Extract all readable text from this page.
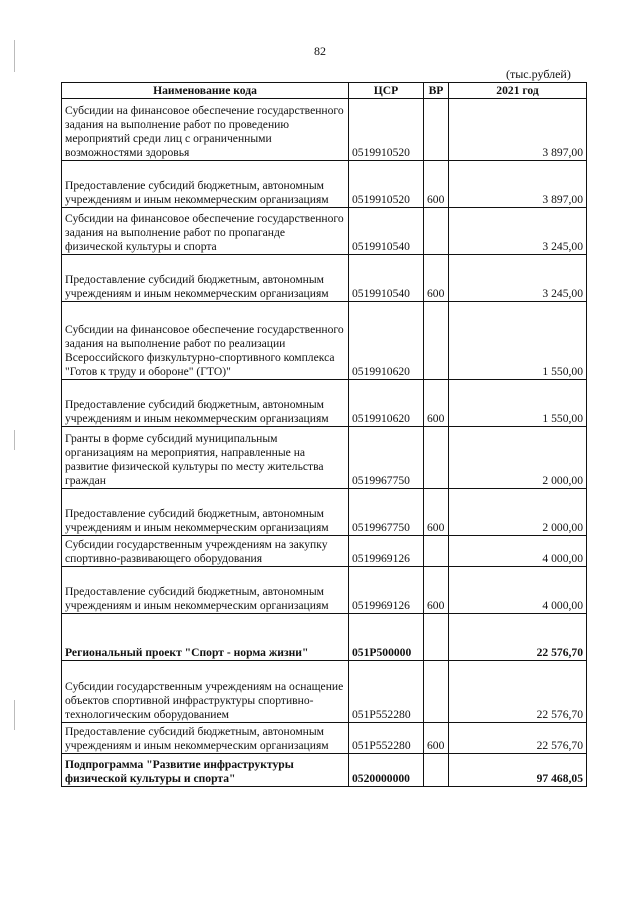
82
(тыс.рублей)
Наименование кода	ЦСР	ВР	2021 год
Субсидии на финансовое обеспечение государственного задания на выполнение работ по проведению мероприятий среди лиц с ограниченными возможностями здоровья	0519910520		3 897,00
Предоставление субсидий бюджетным, автономным учреждениям и иным некоммерческим организациям	0519910520	600	3 897,00
Субсидии на финансовое обеспечение государственного задания на выполнение работ по пропаганде физической культуры и спорта	0519910540		3 245,00
Предоставление субсидий бюджетным, автономным учреждениям и иным некоммерческим организациям	0519910540	600	3 245,00
Субсидии на финансовое обеспечение государственного задания на выполнение работ по реализации Всероссийского физкультурно-спортивного комплекса "Готов к труду и обороне" (ГТО)"	0519910620		1 550,00
Предоставление субсидий бюджетным, автономным учреждениям и иным некоммерческим организациям	0519910620	600	1 550,00
Гранты в форме субсидий муниципальным организациям на мероприятия, направленные на развитие физической культуры по месту жительства граждан	0519967750		2 000,00
Предоставление субсидий бюджетным, автономным учреждениям и иным некоммерческим организациям	0519967750	600	2 000,00
Субсидии государственным учреждениям на закупку спортивно-развивающего оборудования	0519969126		4 000,00
Предоставление субсидий бюджетным, автономным учреждениям и иным некоммерческим организациям	0519969126	600	4 000,00
Региональный проект "Спорт - норма жизни"	051P500000		22 576,70
Субсидии государственным учреждениям на оснащение объектов спортивной инфраструктуры спортивно-технологическим оборудованием	051P552280		22 576,70
Предоставление субсидий бюджетным, автономным учреждениям и иным некоммерческим организациям	051P552280	600	22 576,70
Подпрограмма "Развитие инфраструктуры физической культуры и спорта"	0520000000		97 468,05
